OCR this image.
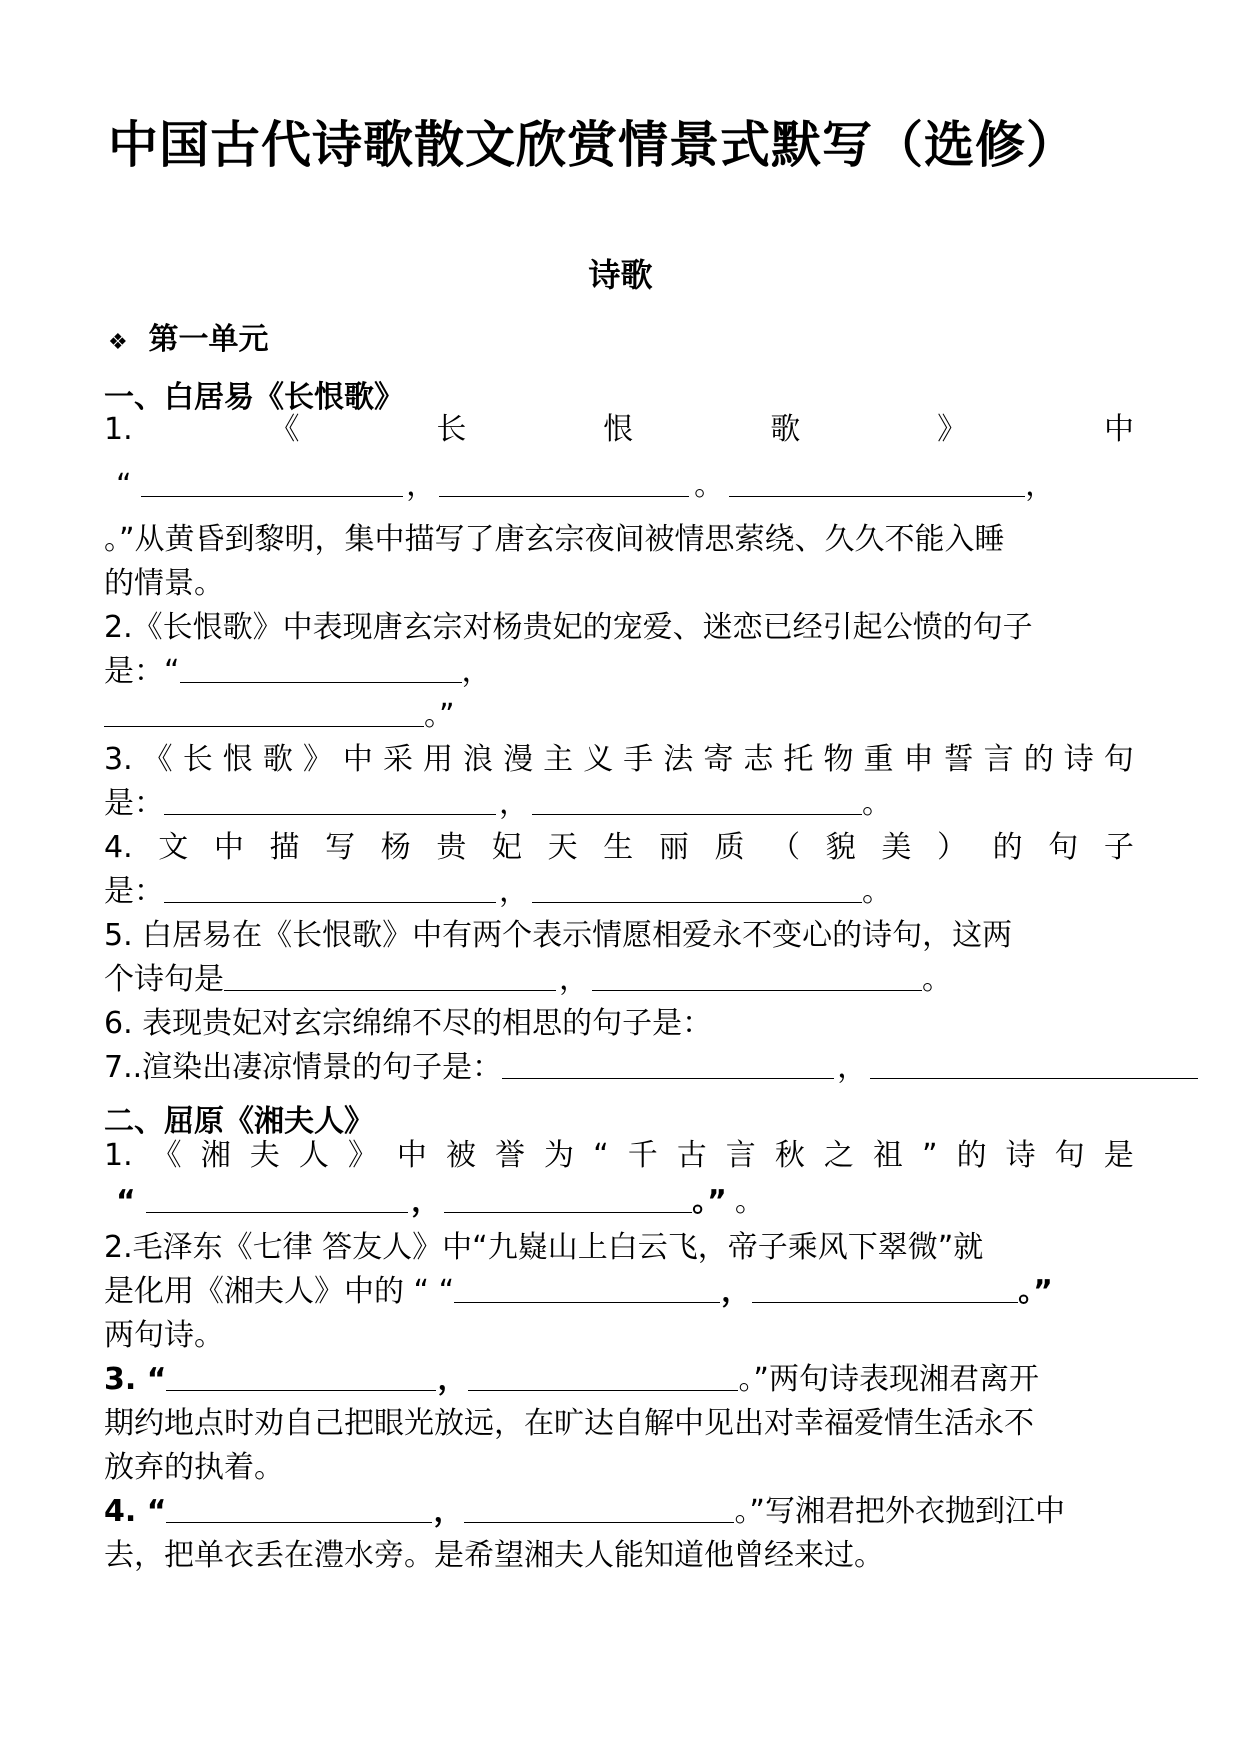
中国古代诗歌散文欣赏情景式默写（选修）
诗歌
❖ 第一单元
一、白居易《长恨歌》
1.	《	长	恨	歌	》	中
“	，	。	，
。”从黄昏到黎明，集中描写了唐玄宗夜间被情思萦绕、久久不能入睡
的情景。
2.《长恨歌》中表现唐玄宗对杨贵妃的宠爱、迷恋已经引起公愤的句子
是：“	，
。”
3. 《 长 恨 歌 》 中 采 用 浪 漫 主 义 手 法 寄 志 托 物 重 申 誓 言 的 诗 句
是：	，	。
4. 文 中 描 写 杨 贵 妃 天 生 丽 质 （ 貌 美 ） 的 句 子
是：	，	。
5. 白居易在《长恨歌》中有两个表示情愿相爱永不变心的诗句，这两
个诗句是	，	。
6. 表现贵妃对玄宗绵绵不尽的相思的句子是：
7..渲染出凄凉情景的句子是：	，
二、屈原《湘夫人》
1. 《 湘 夫 人 》 中 被 誉 为 “ 千 古 言 秋 之 祖 ” 的 诗 句 是
“	，	。” 。
2.毛泽东《七律 答友人》中“九嶷山上白云飞，帝子乘风下翠微”就
是化用《湘夫人》中的 “ “	，	。”
两句诗。
3. “	，	。”两句诗表现湘君离开
期约地点时劝自己把眼光放远，在旷达自解中见出对幸福爱情生活永不
放弃的执着。
4. “	，	。”写湘君把外衣抛到江中
去，把单衣丢在澧水旁。是希望湘夫人能知道他曾经来过。
